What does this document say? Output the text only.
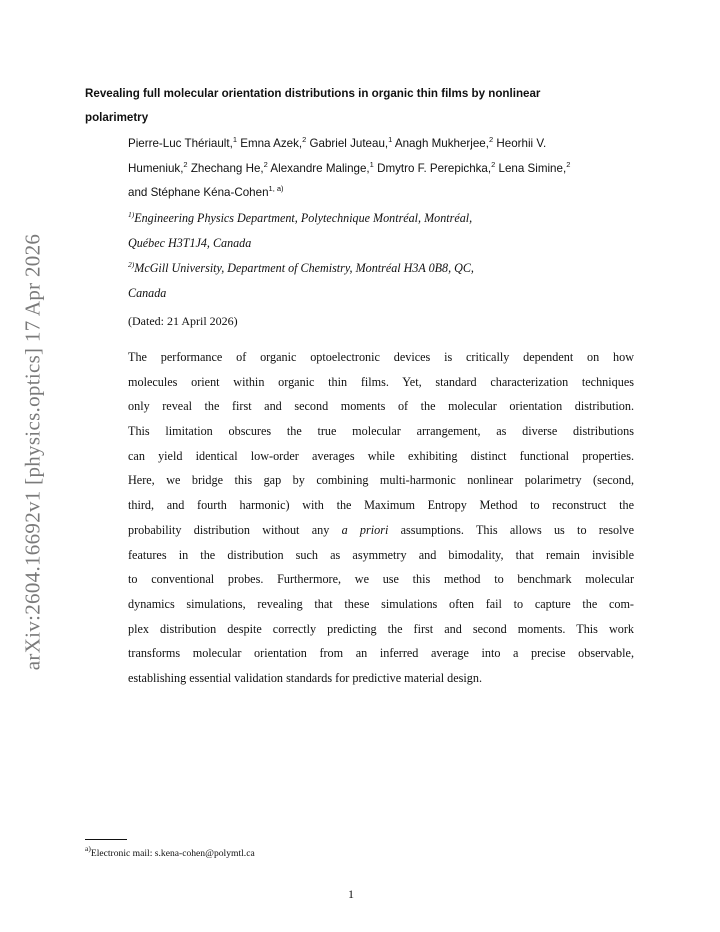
arXiv:2604.16692v1 [physics.optics] 17 Apr 2026
Revealing full molecular orientation distributions in organic thin films by nonlinear
polarimetry

Pierre-Luc Thériault,$^1$ Emna Azek,$^2$ Gabriel Juteau,$^1$ Anagh Mukherjee,$^2$ Heorhii V.

Humeniuk,$^2$ Zhechang He,$^2$ Alexandre Malinge,$^1$ Dmytro F. Perepichka,$^2$ Lena Simine,$^2$

and Stéphane Kéna-Cohen$^{1, a)}$

$^{1)}$Engineering Physics Department, Polytechnique Montréal, Montréal,
Québec H3T1J4, Canada

$^{2)}$McGill University, Department of Chemistry, Montréal H3A 0B8, QC,
Canada

(Dated: 21 April 2026)

The performance of organic optoelectronic devices is critically dependent on how
molecules orient within organic thin films. Yet, standard characterization techniques
only reveal the first and second moments of the molecular orientation distribution.
This limitation obscures the true molecular arrangement, as diverse distributions
can yield identical low-order averages while exhibiting distinct functional properties.
Here, we bridge this gap by combining multi-harmonic nonlinear polarimetry (second,
third, and fourth harmonic) with the Maximum Entropy Method to reconstruct the
probability distribution without any a priori assumptions. This allows us to resolve
features in the distribution such as asymmetry and bimodality, that remain invisible
to conventional probes. Furthermore, we use this method to benchmark molecular
dynamics simulations, revealing that these simulations often fail to capture the com-
plex distribution despite correctly predicting the first and second moments. This work
transforms molecular orientation from an inferred average into a precise observable,
establishing essential validation standards for predictive material design.

$^{a)}$Electronic mail: s.kena-cohen@polymtl.ca

1
